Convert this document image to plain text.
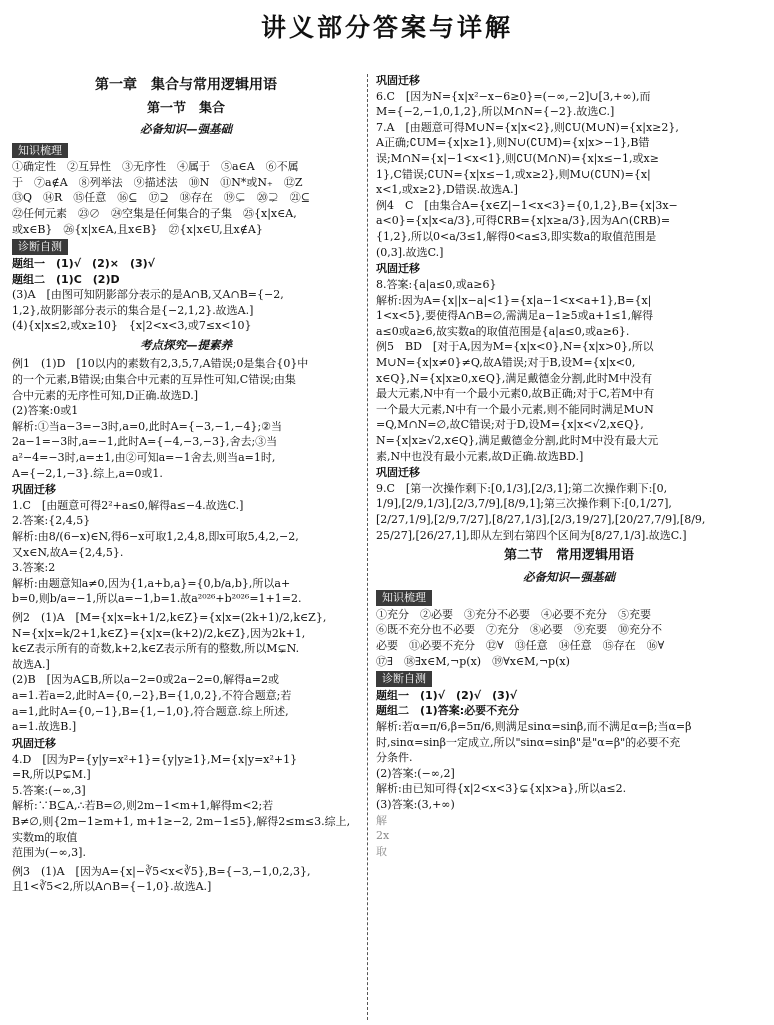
讲义部分答案与详解
第一章　集合与常用逻辑用语
第一节　集合
必备知识—强基础
知识梳理

①确定性　②互异性　③无序性　④属于　⑤a∈A　⑥不属

于　⑦a∉A　⑧列举法　⑨描述法　⑩N　⑪N*或N₊　⑫Z

⑬Q　⑭R　⑮任意　⑯⊆　⑰⊇　⑱存在　⑲⊊　⑳⊋　㉑⊆

㉒任何元素　㉓∅　㉔空集是任何集合的子集　㉕{x|x∈A,

或x∈B}　㉖{x|x∈A,且x∈B}　㉗{x|x∈U,且x∉A}

诊断自测

题组一　(1)√　(2)×　(3)√

题组二　(1)C　(2)D

(3)A　[由图可知阴影部分表示的是A∩B,又A∩B={−2,

1,2},故阴影部分表示的集合是{−2,1,2}.故选A.]

(4){x|x≤2,或x≥10}　{x|2<x<3,或7≤x<10}

考点探究—提素养

例1　(1)D　[10以内的素数有2,3,5,7,A错误;0是集合{0}中

的一个元素,B错误;由集合中元素的互异性可知,C错误;由集

合中元素的无序性可知,D正确.故选D.]

(2)答案:0或1

解析:①当a−3=−3时,a=0,此时A={−3,−1,−4};②当

2a−1=−3时,a=−1,此时A={−4,−3,−3},舍去;③当

a²−4=−3时,a=±1,由②可知a=−1舍去,则当a=1时,

A={−2,1,−3}.综上,a=0或1.

巩固迁移

1.C　[由题意可得2²+a≤0,解得a≤−4.故选C.]

2.答案:{2,4,5}

解析:由8/(6−x)∈N,得6−x可取1,2,4,8,即x可取5,4,2,−2,

又x∈N,故A={2,4,5}.

3.答案:2

解析:由题意知a≠0,因为{1,a+b,a}={0,b/a,b},所以a+

b=0,则b/a=−1,所以a=−1,b=1.故a²⁰²⁶+b²⁰²⁶=1+1=2.

例2　(1)A　[M={x|x=k+1/2,k∈Z}={x|x=(2k+1)/2,k∈Z},

N={x|x=k/2+1,k∈Z}={x|x=(k+2)/2,k∈Z},因为2k+1,

k∈Z表示所有的奇数,k+2,k∈Z表示所有的整数,所以M⊊N.

故选A.]

(2)B　[因为A⊆B,所以a−2=0或2a−2=0,解得a=2或

a=1.若a=2,此时A={0,−2},B={1,0,2},不符合题意;若

a=1,此时A={0,−1},B={1,−1,0},符合题意.综上所述,

a=1.故选B.]

巩固迁移

4.D　[因为P={y|y=x²+1}={y|y≥1},M={x|y=x²+1}

=R,所以P⊊M.]

5.答案:(−∞,3]

解析:∵B⊆A,∴若B=∅,则2m−1<m+1,解得m<2;若

B≠∅,则{2m−1≥m+1, m+1≥−2, 2m−1≤5},解得2≤m≤3.综上,实数m的取值

范围为(−∞,3].

例3　(1)A　[因为A={x|−∛5<x<∛5},B={−3,−1,0,2,3},

且1<∛5<2,所以A∩B={−1,0}.故选A.]

巩固迁移

6.C　[因为N={x|x²−x−6≥0}=(−∞,−2]∪[3,+∞),而

M={−2,−1,0,1,2},所以M∩N={−2}.故选C.]

7.A　[由题意可得M∪N={x|x<2},则∁U(M∪N)={x|x≥2},

A正确;∁UM={x|x≥1},则N∪(∁UM)={x|x>−1},B错

误;M∩N={x|−1<x<1},则∁U(M∩N)={x|x≤−1,或x≥

1},C错误;∁UN={x|x≤−1,或x≥2},则M∪(∁UN)={x|

x<1,或x≥2},D错误.故选A.]

例4　C　[由集合A={x∈Z|−1<x<3}={0,1,2},B={x|3x−

a<0}={x|x<a/3},可得∁RB={x|x≥a/3},因为A∩(∁RB)=

{1,2},所以0<a/3≤1,解得0<a≤3,即实数a的取值范围是

(0,3].故选C.]

巩固迁移

8.答案:{a|a≤0,或a≥6}

解析:因为A={x||x−a|<1}={x|a−1<x<a+1},B={x|

1<x<5},要使得A∩B=∅,需满足a−1≥5或a+1≤1,解得

a≤0或a≥6,故实数a的取值范围是{a|a≤0,或a≥6}.

例5　BD　[对于A,因为M={x|x<0},N={x|x>0},所以

M∪N={x|x≠0}≠Q,故A错误;对于B,设M={x|x<0,

x∈Q},N={x|x≥0,x∈Q},满足戴德金分割,此时M中没有

最大元素,N中有一个最小元素0,故B正确;对于C,若M中有

一个最大元素,N中有一个最小元素,则不能同时满足M∪N

=Q,M∩N=∅,故C错误;对于D,设M={x|x<√2,x∈Q},

N={x|x≥√2,x∈Q},满足戴德金分割,此时M中没有最大元

素,N中也没有最小元素,故D正确.故选BD.]

巩固迁移

9.C　[第一次操作剩下:[0,1/3],[2/3,1];第二次操作剩下:[0,

1/9],[2/9,1/3],[2/3,7/9],[8/9,1];第三次操作剩下:[0,1/27],

[2/27,1/9],[2/9,7/27],[8/27,1/3],[2/3,19/27],[20/27,7/9],[8/9,

25/27],[26/27,1],即从左到右第四个区间为[8/27,1/3].故选C.]

第二节　常用逻辑用语
必备知识—强基础
知识梳理

①充分　②必要　③充分不必要　④必要不充分　⑤充要

⑥既不充分也不必要　⑦充分　⑧必要　⑨充要　⑩充分不

必要　⑪必要不充分　⑫∀　⑬任意　⑭任意　⑮存在　⑯∀

⑰∃　⑱∃x∈M,¬p(x)　⑲∀x∈M,¬p(x)

诊断自测

题组一　(1)√　(2)√　(3)√

题组二　(1)答案:必要不充分

解析:若α=π/6,β=5π/6,则满足sinα=sinβ,而不满足α=β;当α=β

时,sinα=sinβ一定成立,所以"sinα=sinβ"是"α=β"的必要不充

分条件.

(2)答案:(−∞,2]

解析:由已知可得{x|2<x<3}⊊{x|x>a},所以a≤2.

(3)答案:(3,+∞)

解

2x

取
